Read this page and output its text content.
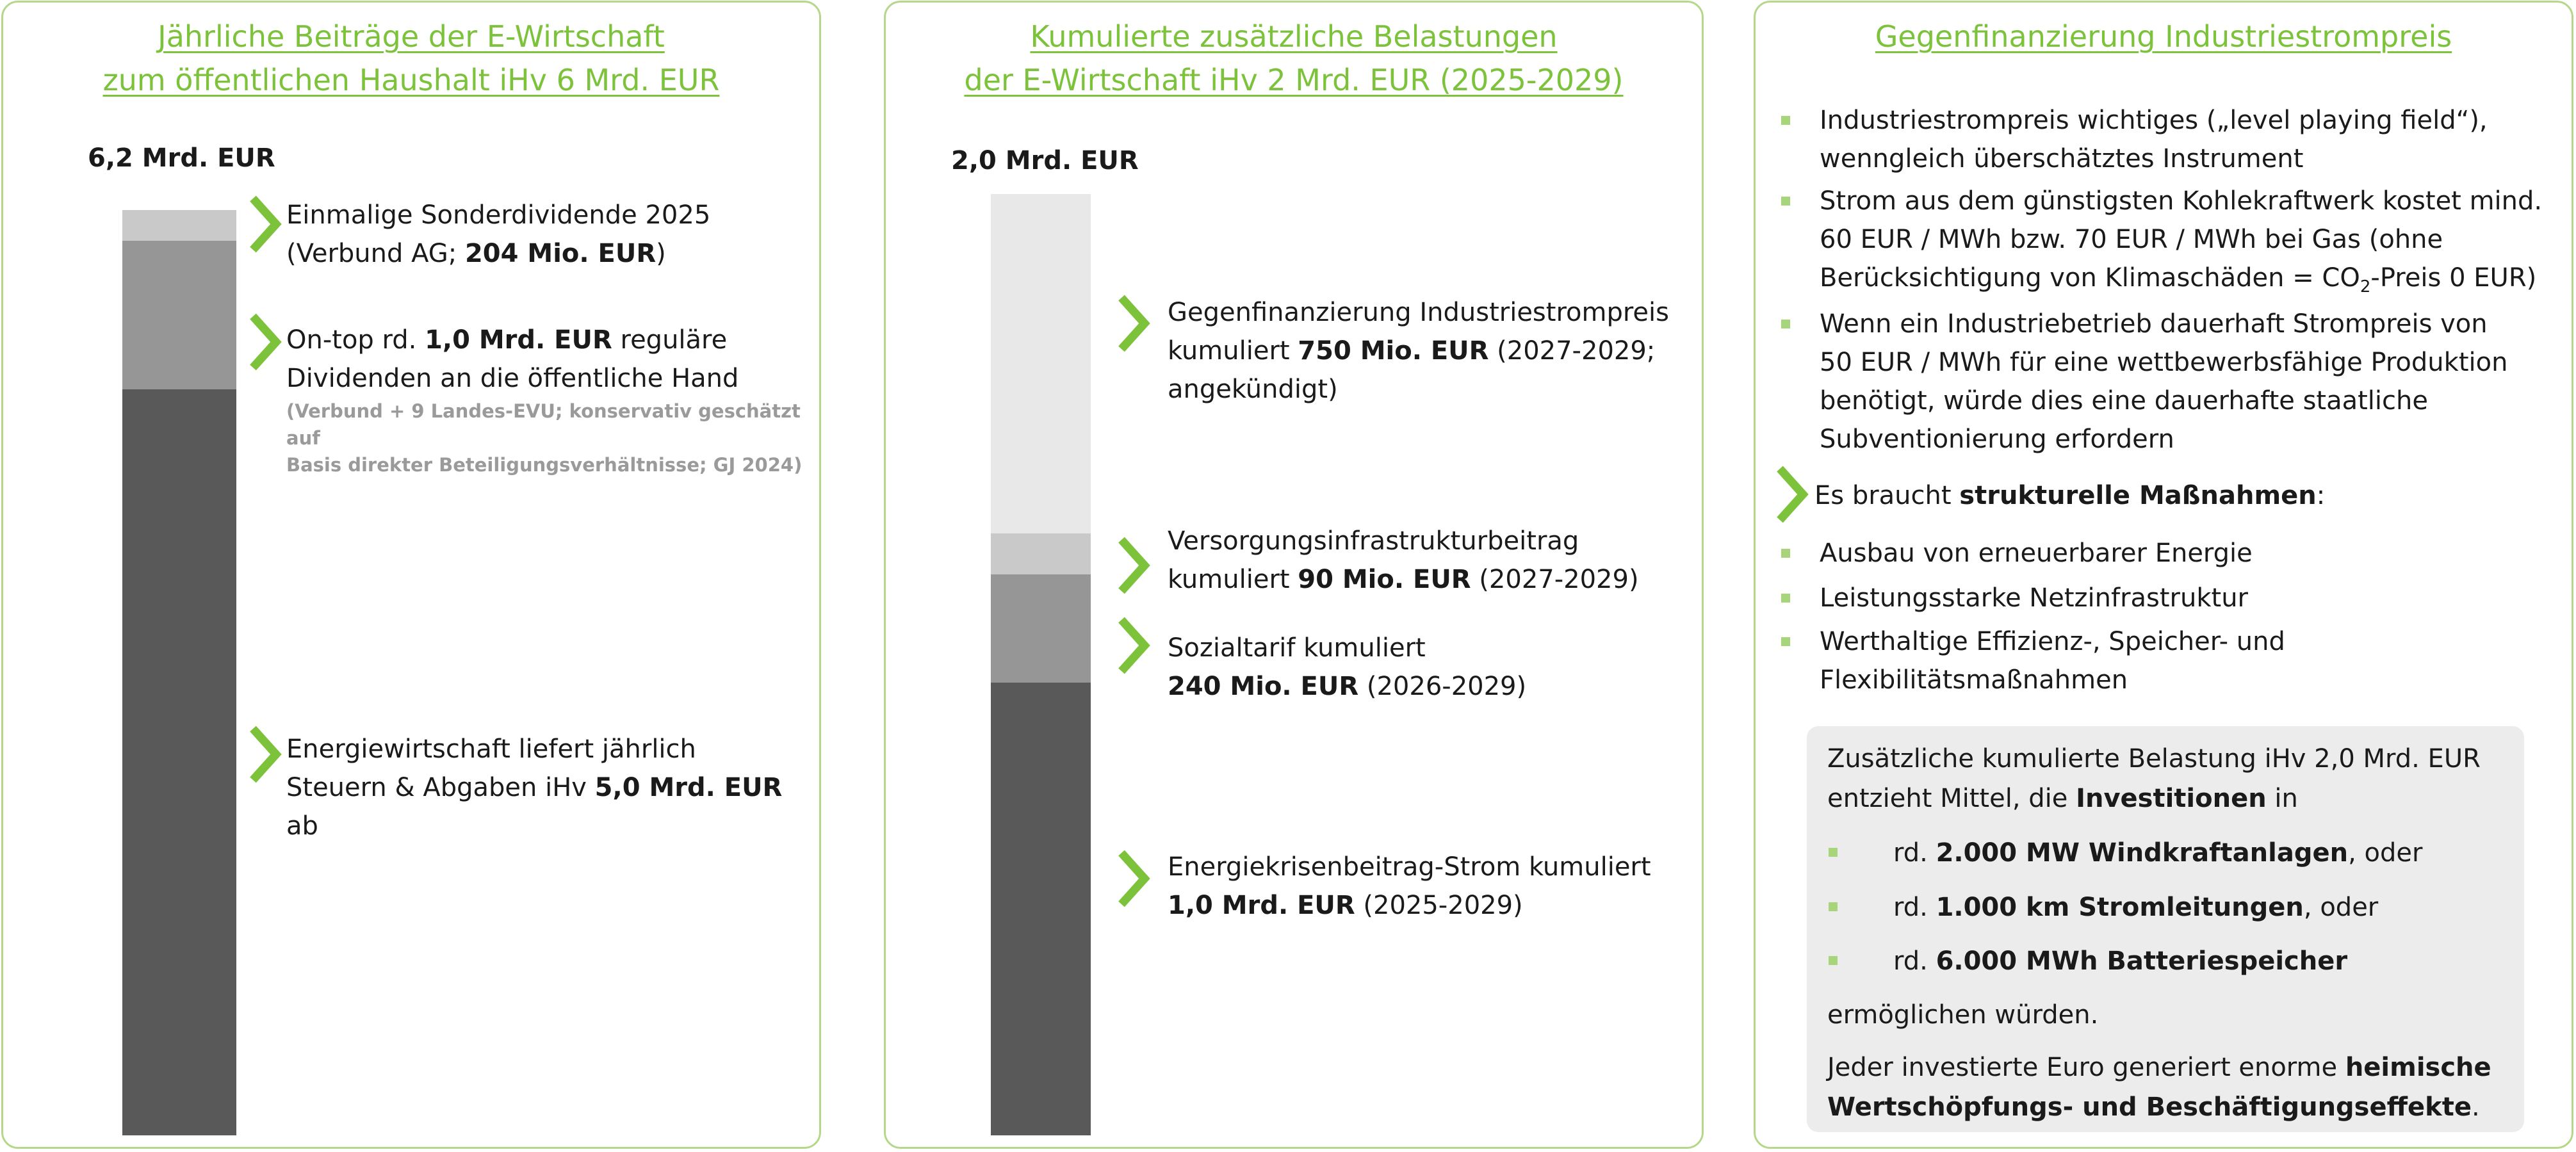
Jährliche Beiträge der E-Wirtschaft
zum öffentlichen Haushalt iHv 6 Mrd. EUR
6,2 Mrd. EUR
Einmalige Sonderdividende 2025
(Verbund AG; 204 Mio. EUR)
On-top rd. 1,0 Mrd. EUR reguläre
Dividenden an die öffentliche Hand
(Verbund + 9 Landes-EVU; konservativ geschätzt auf
Basis direkter Beteiligungsverhältnisse; GJ 2024)
Energiewirtschaft liefert jährlich
Steuern & Abgaben iHv 5,0 Mrd. EUR
ab
Kumulierte zusätzliche Belastungen
der E-Wirtschaft iHv 2 Mrd. EUR (2025-2029)
2,0 Mrd. EUR
Gegenfinanzierung Industriestrompreis
kumuliert 750 Mio. EUR (2027-2029;
angekündigt)
Versorgungsinfrastrukturbeitrag
kumuliert 90 Mio. EUR (2027-2029)
Sozialtarif kumuliert
240 Mio. EUR (2026-2029)
Energiekrisenbeitrag-Strom kumuliert
1,0 Mrd. EUR (2025-2029)
Gegenfinanzierung Industriestrompreis
Industriestrompreis wichtiges („level playing field“),
wenngleich überschätztes Instrument
Strom aus dem günstigsten Kohlekraftwerk kostet mind.
60 EUR / MWh bzw. 70 EUR / MWh bei Gas (ohne
Berücksichtigung von Klimaschäden = $CO_2$-Preis 0 EUR)
Wenn ein Industriebetrieb dauerhaft Strompreis von
50 EUR / MWh für eine wettbewerbsfähige Produktion
benötigt, würde dies eine dauerhafte staatliche
Subventionierung erfordern
Es braucht strukturelle Maßnahmen:
Ausbau von erneuerbarer Energie
Leistungsstarke Netzinfrastruktur
Werthaltige Effizienz-, Speicher- und
Flexibilitätsmaßnahmen
Zusätzliche kumulierte Belastung iHv 2,0 Mrd. EUR
entzieht Mittel, die Investitionen in
rd. 2.000 MW Windkraftanlagen, oder
rd. 1.000 km Stromleitungen, oder
rd. 6.000 MWh Batteriespeicher
ermöglichen würden.
Jeder investierte Euro generiert enorme heimische
Wertschöpfungs- und Beschäftigungseffekte.
